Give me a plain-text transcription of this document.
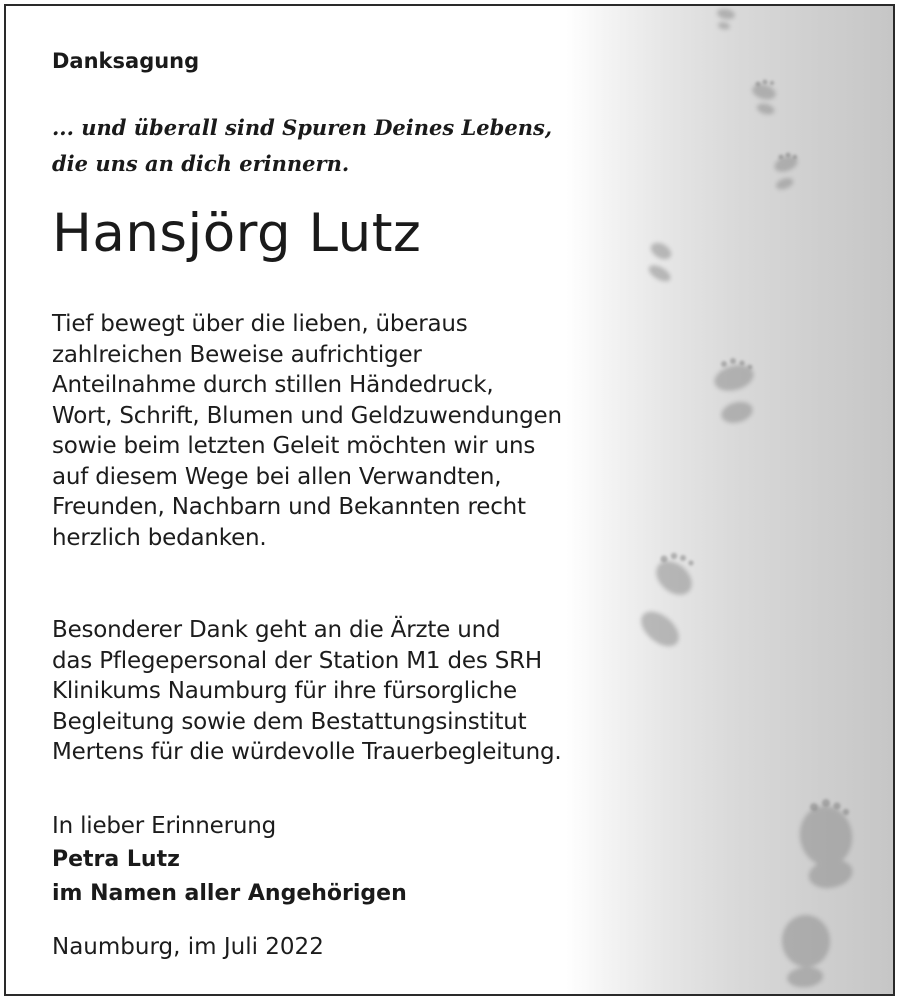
Danksagung

... und überall sind Spuren Deines Lebens,
die uns an dich erinnern.

Hansjörg Lutz

Tief bewegt über die lieben, überaus
zahlreichen Beweise aufrichtiger
Anteilnahme durch stillen Händedruck,
Wort, Schrift, Blumen und Geldzuwendungen
sowie beim letzten Geleit möchten wir uns
auf diesem Wege bei allen Verwandten,
Freunden, Nachbarn und Bekannten recht
herzlich bedanken.

Besonderer Dank geht an die Ärzte und
das Pflegepersonal der Station M1 des SRH
Klinikums Naumburg für ihre fürsorgliche
Begleitung sowie dem Bestattungsinstitut
Mertens für die würdevolle Trauerbegleitung.

In lieber Erinnerung

Petra Lutz

im Namen aller Angehörigen

Naumburg, im Juli 2022
